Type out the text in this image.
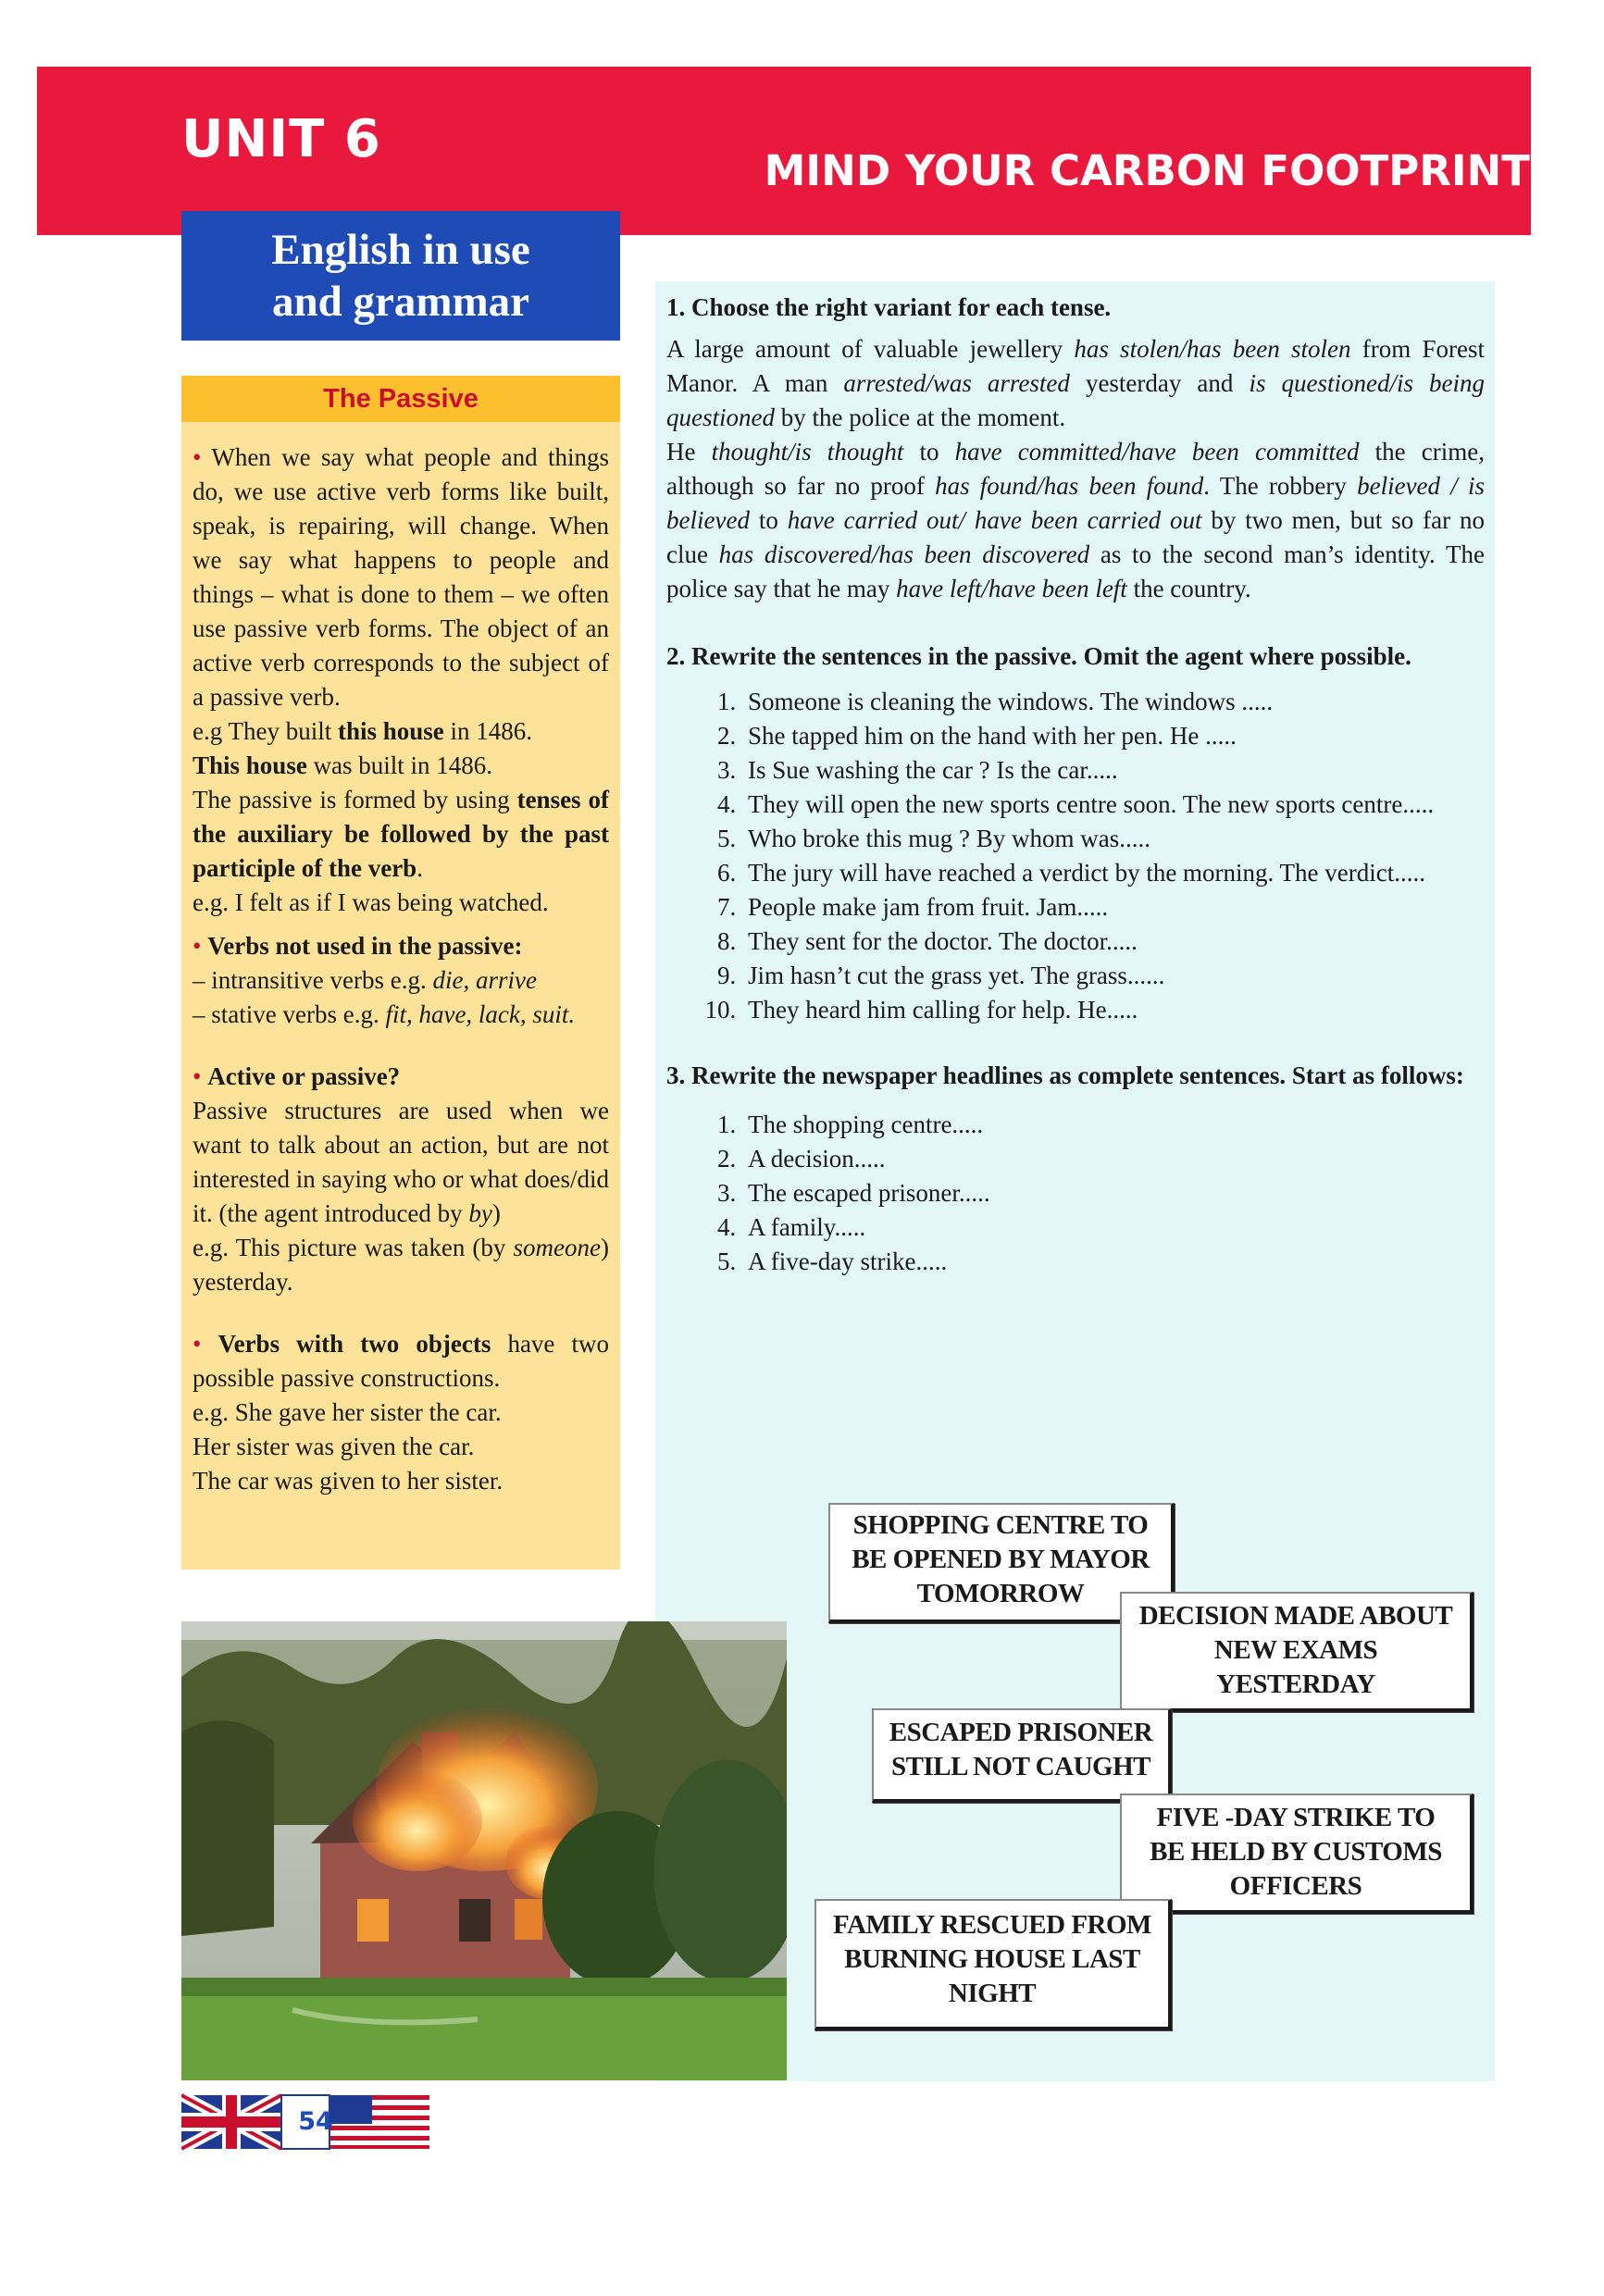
UNIT 6
MIND YOUR CARBON FOOTPRINT
English in use
and grammar
The Passive

• When we say what people and things do, we use active verb forms like built, speak, is repairing, will change. When we say what happens to people and things – what is done to them – we often use passive verb forms. The object of an active verb corresponds to the subject of a passive verb.

e.g They built this house in 1486.

This house was built in 1486.

The passive is formed by using tenses of the auxiliary be followed by the past participle of the verb.

e.g. I felt as if I was being watched.

• Verbs not used in the passive:

– intransitive verbs e.g. die, arrive

– stative verbs e.g. fit, have, lack, suit.

• Active or passive?

Passive structures are used when we want to talk about an action, but are not interested in saying who or what does/did it. (the agent introduced by by)

e.g. This picture was taken (by someone) yesterday.

• Verbs with two objects have two possible passive constructions.

e.g. She gave her sister the car.

Her sister was given the car.

The car was given to her sister.

1. Choose the right variant for each tense.

A large amount of valuable jewellery has stolen/has been stolen from Forest Manor. A man arrested/was arrested yesterday and is questioned/is being questioned by the police at the moment.

He thought/is thought to have committed/have been committed the crime, although so far no proof has found/has been found. The robbery believed / is believed to have carried out/ have been carried out by two men, but so far no clue has discovered/has been discovered as to the second man’s identity. The police say that he may have left/have been left the country.

2. Rewrite the sentences in the passive. Omit the agent where possible.
1. Someone is cleaning the windows. The windows .....
2. She tapped him on the hand with her pen. He .....
3. Is Sue washing the car ? Is the car.....
4. They will open the new sports centre soon. The new sports centre.....
5. Who broke this mug ? By whom was.....
6. The jury will have reached a verdict by the morning. The verdict.....
7. People make jam from fruit. Jam.....
8. They sent for the doctor. The doctor.....
9. Jim hasn’t cut the grass yet. The grass......
10. They heard him calling for help. He.....
3. Rewrite the newspaper headlines as complete sentences. Start as follows:
1. The shopping centre.....
2. A decision.....
3. The escaped prisoner.....
4. A family.....
5. A five-day strike.....
SHOPPING CENTRE TO BE OPENED BY MAYOR TOMORROW
DECISION MADE ABOUT NEW EXAMS YESTERDAY
ESCAPED PRISONER STILL NOT CAUGHT
FIVE -DAY STRIKE TO BE HELD BY CUSTOMS OFFICERS
FAMILY RESCUED FROM BURNING HOUSE LAST NIGHT
54
